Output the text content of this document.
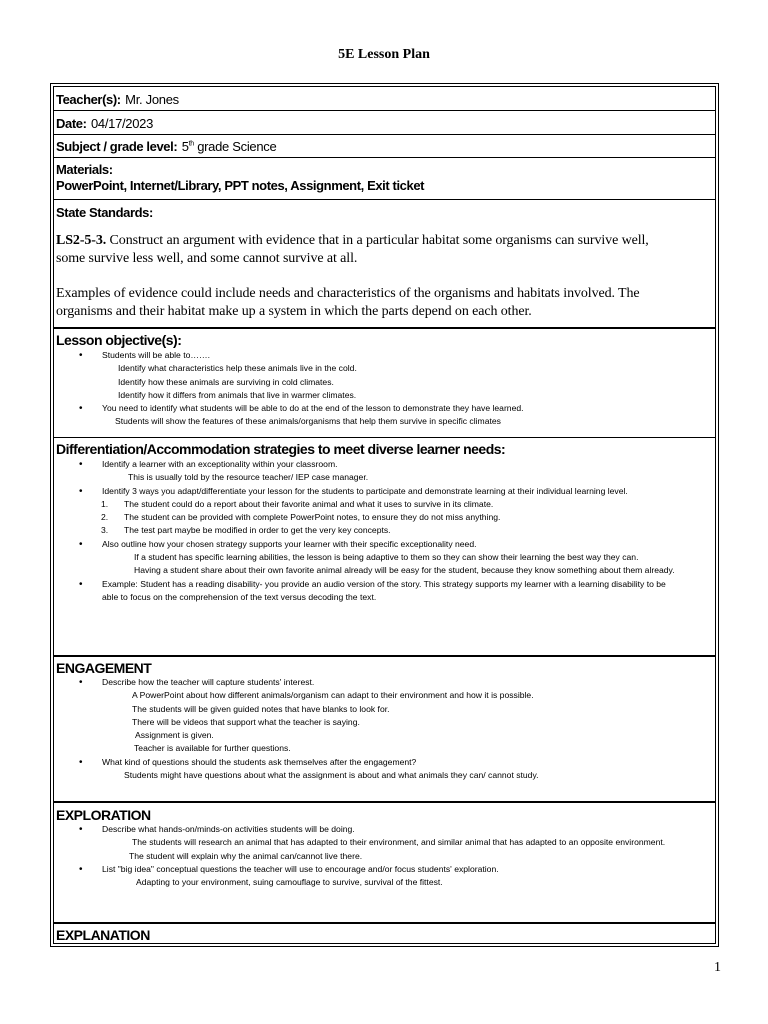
5E Lesson Plan
Teacher(s): Mr. Jones
Date: 04/17/2023
Subject / grade level: 5th grade Science
Materials:
PowerPoint, Internet/Library, PPT notes, Assignment, Exit ticket
State Standards:
LS2-5-3. Construct an argument with evidence that in a particular habitat some organisms can survive well,
some survive less well, and some cannot survive at all.
Examples of evidence could include needs and characteristics of the organisms and habitats involved. The
organisms and their habitat make up a system in which the parts depend on each other.
Lesson objective(s):
• Students will be able to…….
Identify what characteristics help these animals live in the cold.
Identify how these animals are surviving in cold climates.
Identify how it differs from animals that live in warmer climates.
• You need to identify what students will be able to do at the end of the lesson to demonstrate they have learned.
Students will show the features of these animals/organisms that help them survive in specific climates
Differentiation/Accommodation strategies to meet diverse learner needs:
• Identify a learner with an exceptionality within your classroom.
This is usually told by the resource teacher/ IEP case manager.
• Identify 3 ways you adapt/differentiate your lesson for the students to participate and demonstrate learning at their individual learning level.
1. The student could do a report about their favorite animal and what it uses to survive in its climate.
2. The student can be provided with complete PowerPoint notes, to ensure they do not miss anything.
3. The test part maybe be modified in order to get the very key concepts.
• Also outline how your chosen strategy supports your learner with their specific exceptionality need.
If a student has specific learning abilities, the lesson is being adaptive to them so they can show their learning the best way they can.
Having a student share about their own favorite animal already will be easy for the student, because they know something about them already.
• Example: Student has a reading disability- you provide an audio version of the story. This strategy supports my learner with a learning disability to be
able to focus on the comprehension of the text versus decoding the text.
ENGAGEMENT
• Describe how the teacher will capture students' interest.
A PowerPoint about how different animals/organism can adapt to their environment and how it is possible.
The students will be given guided notes that have blanks to look for.
There will be videos that support what the teacher is saying.
Assignment is given.
Teacher is available for further questions.
• What kind of questions should the students ask themselves after the engagement?
Students might have questions about what the assignment is about and what animals they can/ cannot study.
EXPLORATION
• Describe what hands-on/minds-on activities students will be doing.
The students will research an animal that has adapted to their environment, and similar animal that has adapted to an opposite environment.
The student will explain why the animal can/cannot live there.
• List "big idea" conceptual questions the teacher will use to encourage and/or focus students' exploration.
Adapting to your environment, suing camouflage to survive, survival of the fittest.
EXPLANATION
1
